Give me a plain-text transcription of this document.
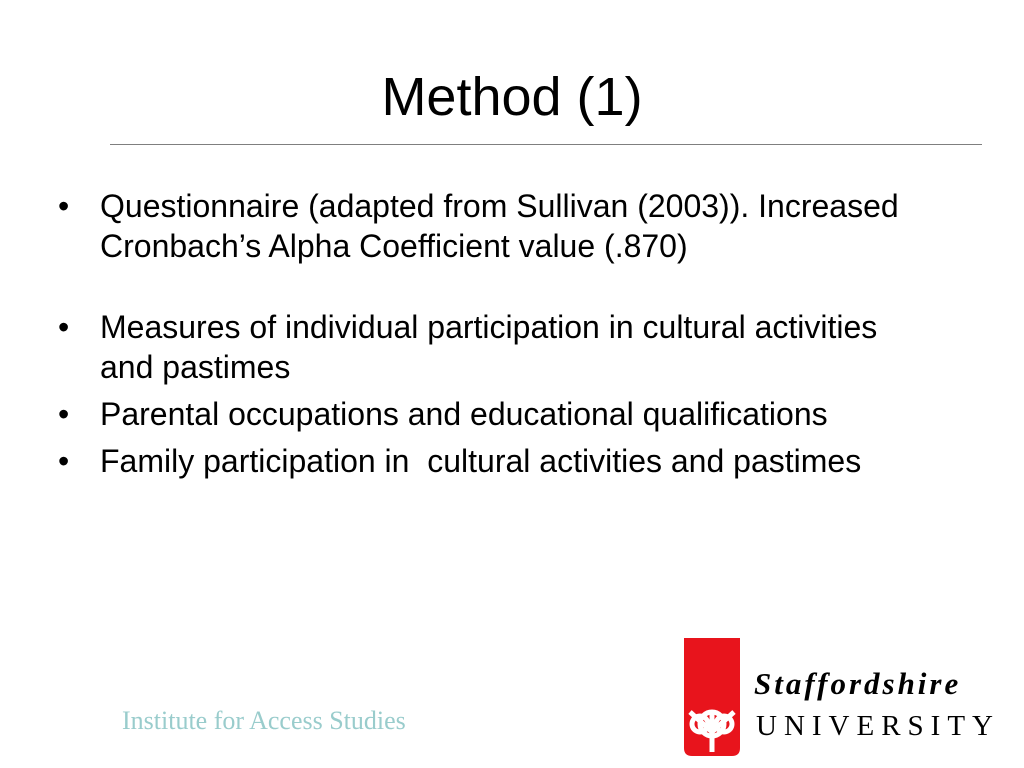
Method (1)
• Questionnaire (adapted from Sullivan (2003)). Increased Cronbach’s Alpha Coefficient value (.870)
• Measures of individual participation in cultural activities and pastimes
• Parental occupations and educational qualifications
• Family participation in  cultural activities and pastimes
Institute for Access Studies
Staffordshire
UNIVERSITY
